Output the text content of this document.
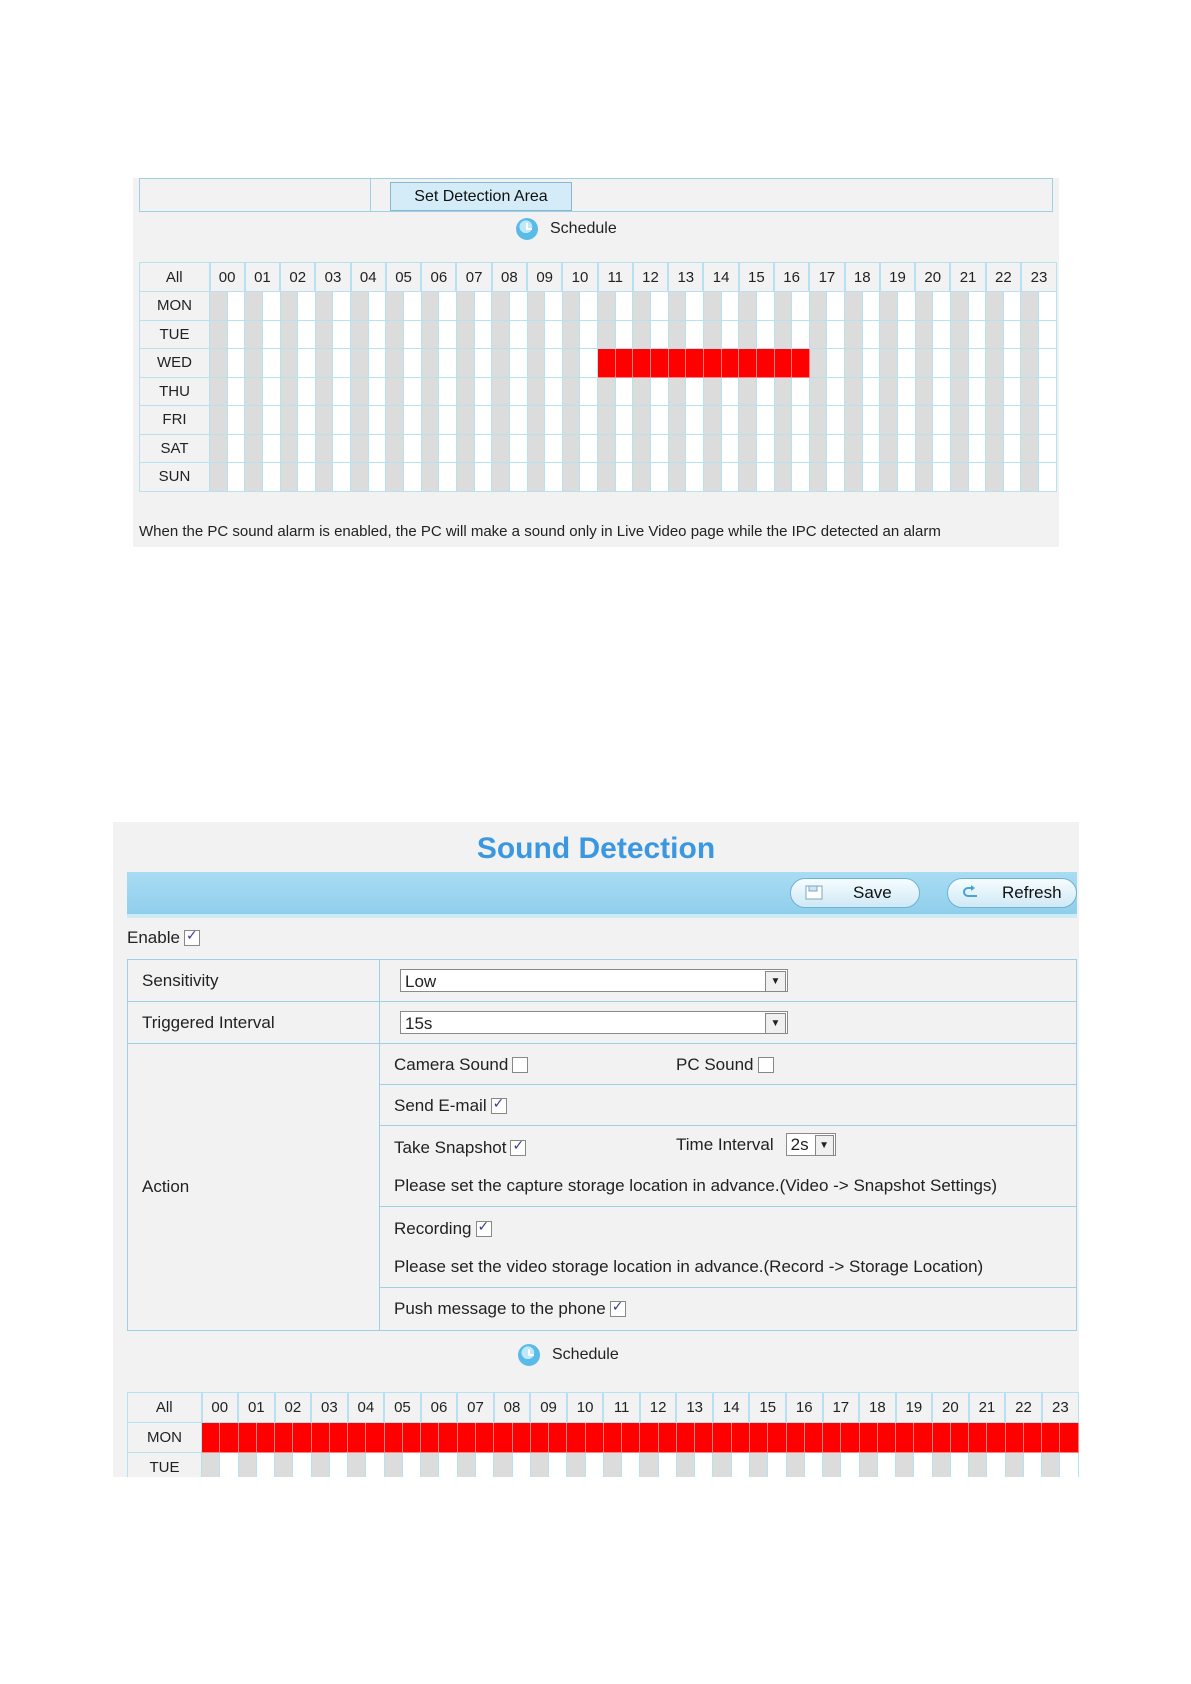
Set Detection Area
Schedule
All	00		01		02		03		04		05		06		07		08		09		10		11		12		13		14		15		16		17		18		19		20		21		22		23	
MON																																																
TUE																																																
WED																																																
THU																																																
FRI																																																
SAT																																																
SUN																																																
When the PC sound alarm is enabled, the PC will make a sound only in Live Video page while the IPC detected an alarm
Sound Detection
Save	Refresh
Enable
✓
Sensitivity	Low ▼

Triggered Interval	15s ▼

Action	Camera Sound PC Sound

	Send E-mail
✓

	Take Snapshot ✓ Time Interval 2s ▼
Please set the capture storage location in advance.(Video -> Snapshot Settings)

	Recording
✓
Please set the video storage location in advance.(Record -> Storage Location)

	Push message to the phone
✓
Schedule
All	00		01		02		03		04		05		06		07		08		09		10		11		12		13		14		15		16		17		18		19		20		21		22		23	
MON																																																
TUE																																																
